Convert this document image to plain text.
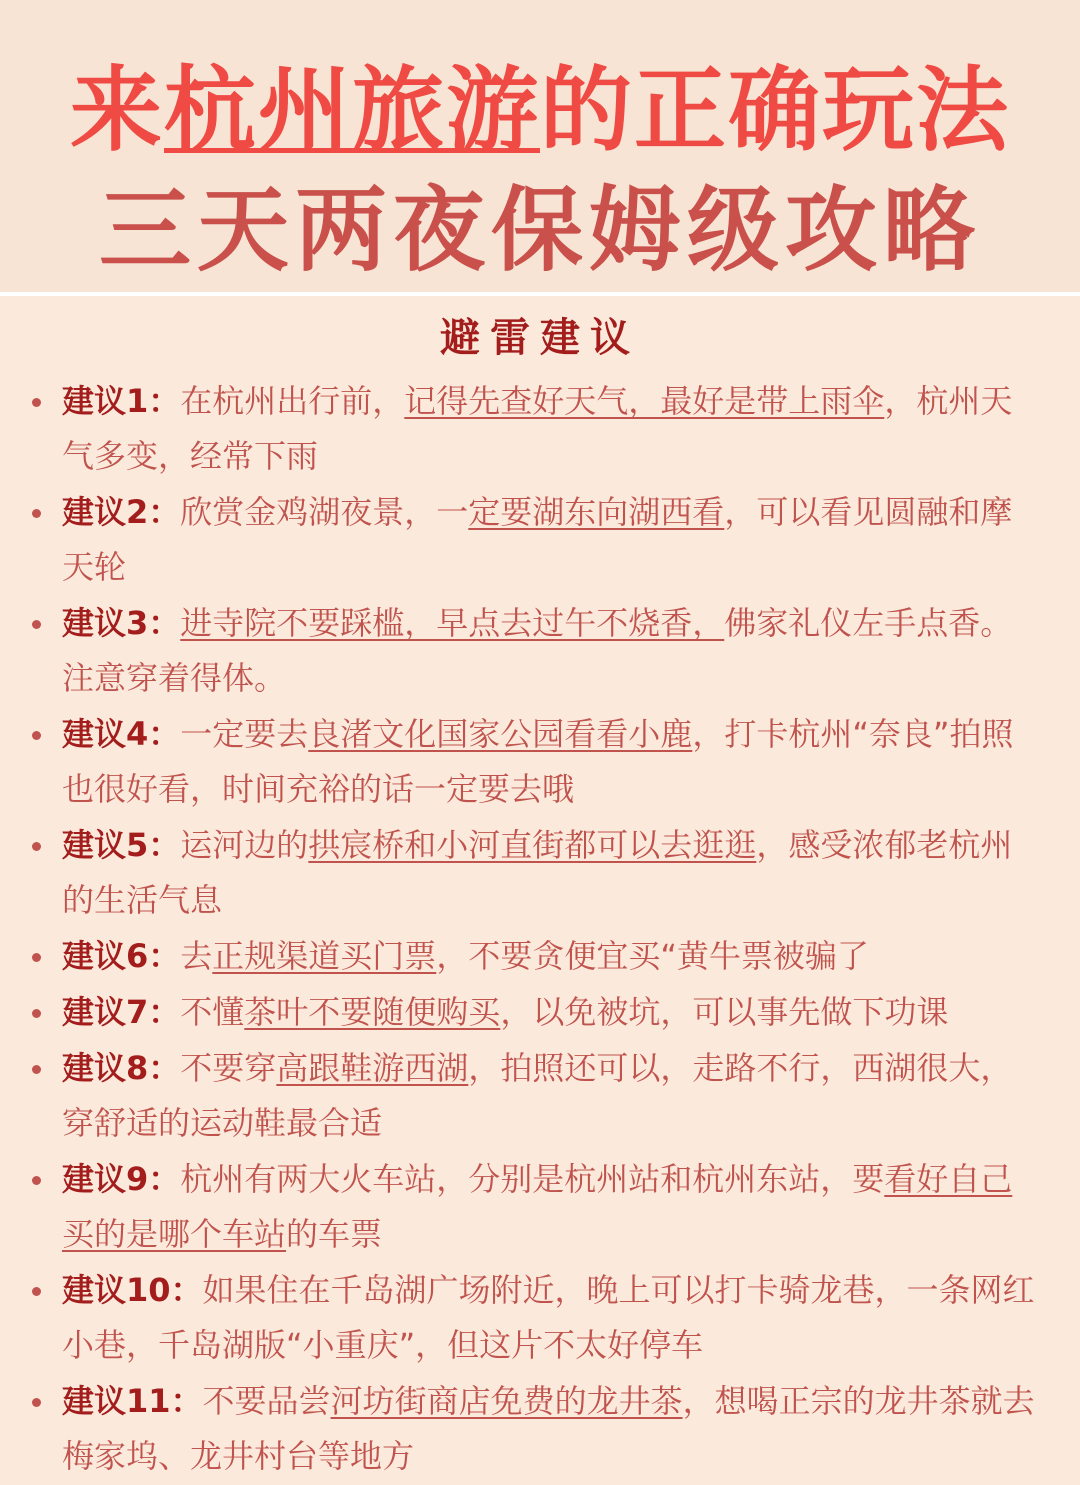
来杭州旅游的正确玩法
三天两夜保姆级攻略
避雷建议
建议1：在杭州出行前，记得先查好天气，最好是带上雨伞，杭州天气多变，经常下雨
建议2：欣赏金鸡湖夜景，一定要湖东向湖西看，可以看见圆融和摩天轮
建议3：进寺院不要踩槛，早点去过午不烧香，佛家礼仪左手点香。注意穿着得体。
建议4：一定要去良渚文化国家公园看看小鹿，打卡杭州“奈良”拍照也很好看，时间充裕的话一定要去哦
建议5：运河边的拱宸桥和小河直街都可以去逛逛，感受浓郁老杭州的生活气息
建议6：去正规渠道买门票，不要贪便宜买“黄牛票被骗了
建议7：不懂茶叶不要随便购买，以免被坑，可以事先做下功课
建议8：不要穿高跟鞋游西湖，拍照还可以，走路不行，西湖很大，穿舒适的运动鞋最合适
建议9：杭州有两大火车站，分别是杭州站和杭州东站，要看好自己买的是哪个车站的车票
建议10：如果住在千岛湖广场附近，晚上可以打卡骑龙巷，一条网红小巷，千岛湖版“小重庆”，但这片不太好停车
建议11：不要品尝河坊街商店免费的龙井茶，想喝正宗的龙井茶就去梅家坞、龙井村台等地方
